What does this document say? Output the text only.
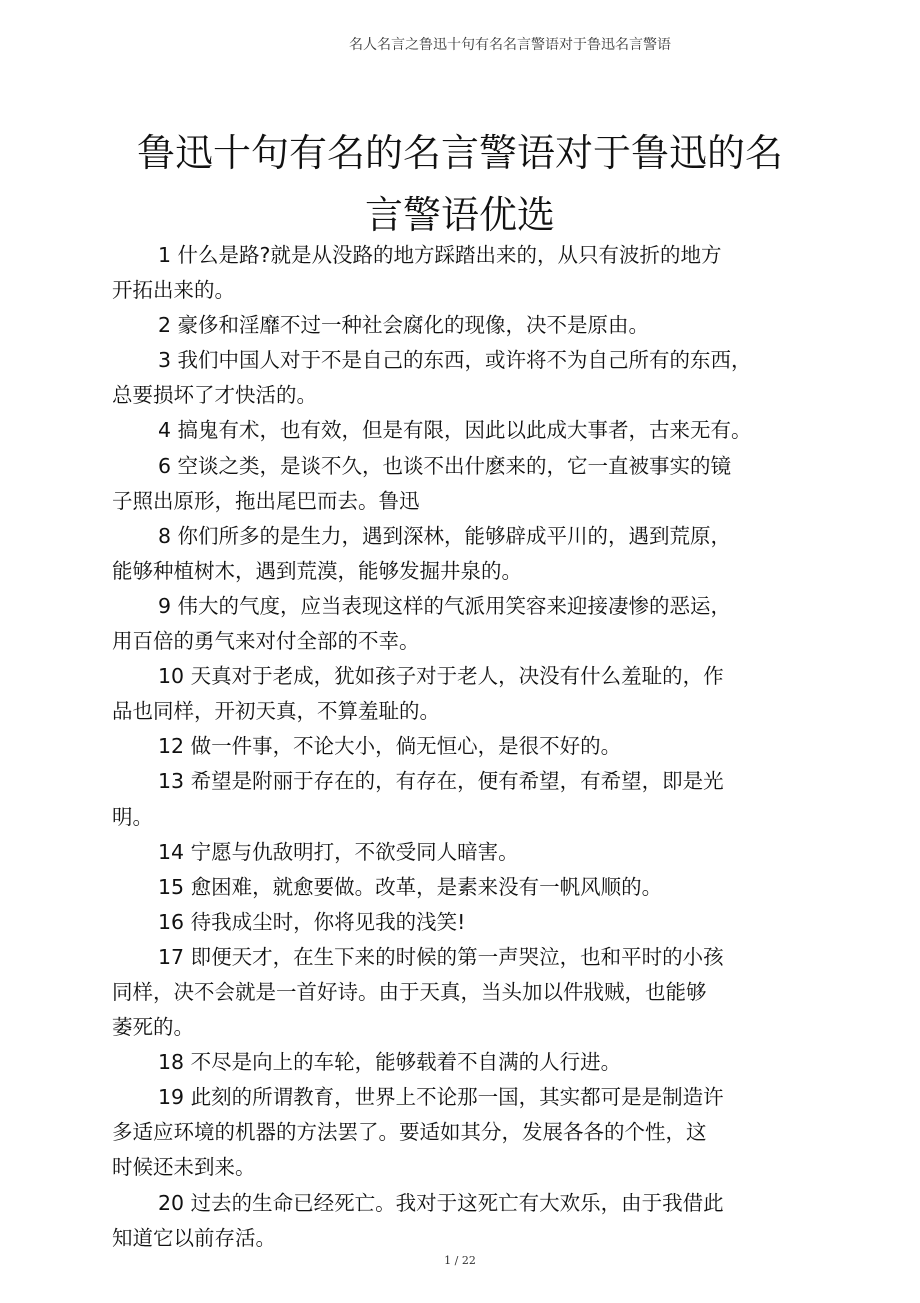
名人名言之鲁迅十句有名名言警语对于鲁迅名言警语
鲁迅十句有名的名言警语对于鲁迅的名
言警语优选
1 什么是路?就是从没路的地方踩踏出来的，从只有波折的地方
开拓出来的。
2 豪侈和淫靡不过一种社会腐化的现像，决不是原由。
3 我们中国人对于不是自己的东西，或许将不为自己所有的东西，
总要损坏了才快活的。
4 搞鬼有术，也有效，但是有限，因此以此成大事者，古来无有。
6 空谈之类，是谈不久，也谈不出什麽来的，它一直被事实的镜
子照出原形，拖出尾巴而去。鲁迅
8 你们所多的是生力，遇到深林，能够辟成平川的，遇到荒原，
能够种植树木，遇到荒漠，能够发掘井泉的。
9 伟大的气度，应当表现这样的气派用笑容来迎接凄惨的恶运，
用百倍的勇气来对付全部的不幸。
10 天真对于老成，犹如孩子对于老人，决没有什么羞耻的，作
品也同样，开初天真，不算羞耻的。
12 做一件事，不论大小，倘无恒心，是很不好的。
13 希望是附丽于存在的，有存在，便有希望，有希望，即是光
明。
14 宁愿与仇敌明打，不欲受同人暗害。
15 愈困难，就愈要做。改革，是素来没有一帆风顺的。
16 待我成尘时，你将见我的浅笑!
17 即便天才，在生下来的时候的第一声哭泣，也和平时的小孩
同样，决不会就是一首好诗。由于天真，当头加以件戕贼，也能够
萎死的。
18 不尽是向上的车轮，能够载着不自满的人行进。
19 此刻的所谓教育，世界上不论那一国，其实都可是是制造许
多适应环境的机器的方法罢了。要适如其分，发展各各的个性，这
时候还未到来。
20 过去的生命已经死亡。我对于这死亡有大欢乐，由于我借此
知道它以前存活。
1 / 22
